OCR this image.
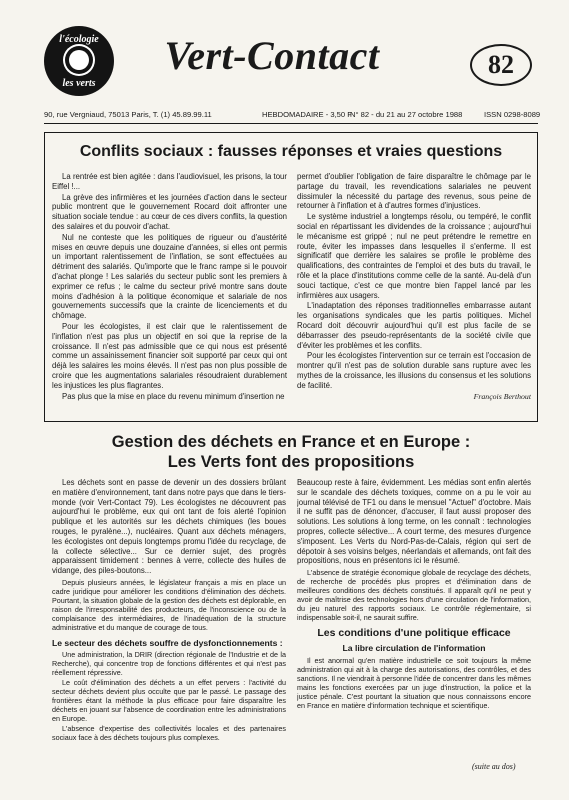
l'écologie
les verts
Vert-Contact	82
90, rue Vergniaud, 75013 Paris, T. (1) 45.89.99.11	HEBDOMADAIRE - 3,50 F
N° 82 - du 21 au 27 octobre 1988	ISSN 0298-8089
Conflits sociaux : fausses réponses et vraies questions

La rentrée est bien agitée : dans l'audiovisuel, les prisons, la tour Eiffel !...

La grève des infirmières et les journées d'action dans le secteur public montrent que le gouvernement Rocard doit affronter une situation sociale tendue : au cœur de ces divers conflits, la question des salaires et du pouvoir d'achat.

Nul ne conteste que les politiques de rigueur ou d'austérité mises en œuvre depuis une douzaine d'années, si elles ont permis un important ralentissement de l'inflation, se sont effectuées au détriment des salariés. Qu'importe que le franc rampe si le pouvoir d'achat plonge ! Les salariés du secteur public sont les premiers à exprimer ce refus ; le calme du secteur privé montre sans doute moins d'adhésion à la politique économique et salariale de nos gouvernements successifs que la crainte de licenciements et du chômage.

Pour les écologistes, il est clair que le ralentissement de l'inflation n'est pas plus un objectif en soi que la reprise de la croissance. Il n'est pas admissible que ce qui nous est présenté comme un assainissement financier soit supporté par ceux qui ont déjà les salaires les moins élevés. Il n'est pas non plus possible de croire que les augmentations salariales résoudraient durablement les injustices les plus flagrantes.

Pas plus que la mise en place du revenu minimum d'insertion ne

permet d'oublier l'obligation de faire disparaître le chômage par le partage du travail, les revendications salariales ne peuvent dissimuler la nécessité du partage des revenus, sous peine de retourner à l'inflation et à d'autres formes d'injustices.

Le système industriel a longtemps résolu, ou tempéré, le conflit social en répartissant les dividendes de la croissance ; aujourd'hui le mécanisme est grippé ; nul ne peut prétendre le remettre en route, éviter les impasses dans lesquelles il s'enferme. Il est significatif que derrière les salaires se profile le problème des qualifications, des contraintes de l'emploi et des buts du travail, le rôle et la place d'institutions comme celle de la santé. Au-delà d'un souci tactique, c'est ce que montre bien l'appel lancé par les infirmières aux usagers.

L'inadaptation des réponses traditionnelles embarrasse autant les organisations syndicales que les partis politiques. Michel Rocard doit découvrir aujourd'hui qu'il est plus facile de se débarrasser des pseudo-représentants de la société civile que d'éviter les problèmes et les conflits.

Pour les écologistes l'intervention sur ce terrain est l'occasion de montrer qu'il n'est pas de solution durable sans rupture avec les mythes de la croissance, les illusions du consensus et les solutions de facilité.

François Berthout
Gestion des déchets en France et en Europe :
Les Verts font des propositions

Les déchets sont en passe de devenir un des dossiers brûlant en matière d'environnement, tant dans notre pays que dans le tiers-monde (voir Vert-Contact 79). Les écologistes ne découvrent pas aujourd'hui le problème, eux qui ont tant de fois alerté l'opinion publique et les autorités sur les déchets chimiques (les boues rouges, le pyralène...), nucléaires. Quant aux déchets ménagers, les écologistes ont depuis longtemps promu l'idée du recyclage, de la collecte sélective... Sur ce dernier sujet, des progrès apparaissent timidement : bennes à verre, collecte des huiles de vidange, des piles-boutons...

Depuis plusieurs années, le législateur français a mis en place un cadre juridique pour améliorer les conditions d'élimination des déchets. Pourtant, la situation globale de la gestion des déchets est déplorable, en raison de l'irresponsabilité des producteurs, de l'inconscience ou de la complaisance des intermédiaires, de l'inadéquation de la structure administrative et du manque de courage de tous.

Le secteur des déchets souffre de dysfonctionnements :

Une administration, la DRIR (direction régionale de l'Industrie et de la Recherche), qui concentre trop de fonctions différentes et qui n'est pas réellement répressive.

Le coût d'élimination des déchets a un effet pervers : l'activité du secteur déchets devient plus occulte que par le passé. Le passage des frontières étant la méthode la plus efficace pour faire disparaître les déchets en jouant sur l'absence de coordination entre les administrations en Europe.

L'absence d'expertise des collectivités locales et des partenaires sociaux face à des déchets toujours plus complexes.

Beaucoup reste à faire, évidemment. Les médias sont enfin alertés sur le scandale des déchets toxiques, comme on a pu le voir au journal télévisé de TF1 ou dans le mensuel "Actuel" d'octobre. Mais il ne suffit pas de dénoncer, d'accuser, il faut aussi proposer des solutions. Les solutions à long terme, on les connaît : technologies propres, collecte sélective... A court terme, des mesures d'urgence s'imposent. Les Verts du Nord-Pas-de-Calais, région qui sert de dépotoir à ses voisins belges, néerlandais et allemands, ont fait des propositions, nous en présentons ici le résumé.

L'absence de stratégie économique globale de recyclage des déchets, de recherche de procédés plus propres et d'élimination dans de meilleures conditions des déchets constitués. Il apparaît qu'il ne peut y avoir de maîtrise des technologies hors d'une circulation de l'information, du jeu naturel des rapports sociaux. Le contrôle réglementaire, si indispensable soit-il, ne saurait suffire.

Les conditions d'une politique efficace
La libre circulation de l'information

Il est anormal qu'en matière industrielle ce soit toujours la même administration qui ait à la charge des autorisations, des contrôles, et des sanctions. Il ne viendrait à personne l'idée de concentrer dans les mêmes mains les fonctions exercées par un juge d'instruction, la police et la justice pénale. C'est pourtant la situation que nous connaissons encore en France en matière d'information technique et scientifique.

(suite au dos)
